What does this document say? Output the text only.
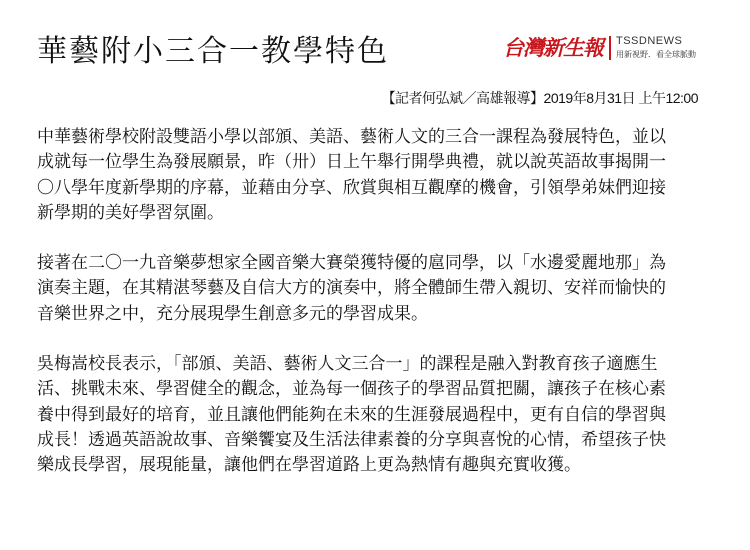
華藝附小三合一教學特色	台灣新生報 TSSDNEWS
用新視野．看全球脈動
【記者何弘斌／高雄報導】2019年8月31日 上午12:00

中華藝術學校附設雙語小學以部頒、美語、藝術人文的三合一課程為發展特色，並以
成就每一位學生為發展願景，昨（卅）日上午舉行開學典禮，就以說英語故事揭開一
〇八學年度新學期的序幕，並藉由分享、欣賞與相互觀摩的機會，引領學弟妹們迎接
新學期的美好學習氛圍。

接著在二〇一九音樂夢想家全國音樂大賽榮獲特優的扈同學，以「水邊愛麗地那」為
演奏主題，在其精湛琴藝及自信大方的演奏中，將全體師生帶入親切、安祥而愉快的
音樂世界之中，充分展現學生創意多元的學習成果。

吳梅嵩校長表示，「部頒、美語、藝術人文三合一」的課程是融入對教育孩子適應生
活、挑戰未來、學習健全的觀念，並為每一個孩子的學習品質把關，讓孩子在核心素
養中得到最好的培育，並且讓他們能夠在未來的生涯發展過程中，更有自信的學習與
成長！透過英語說故事、音樂饗宴及生活法律素養的分享與喜悅的心情，希望孩子快
樂成長學習，展現能量，讓他們在學習道路上更為熱情有趣與充實收獲。
